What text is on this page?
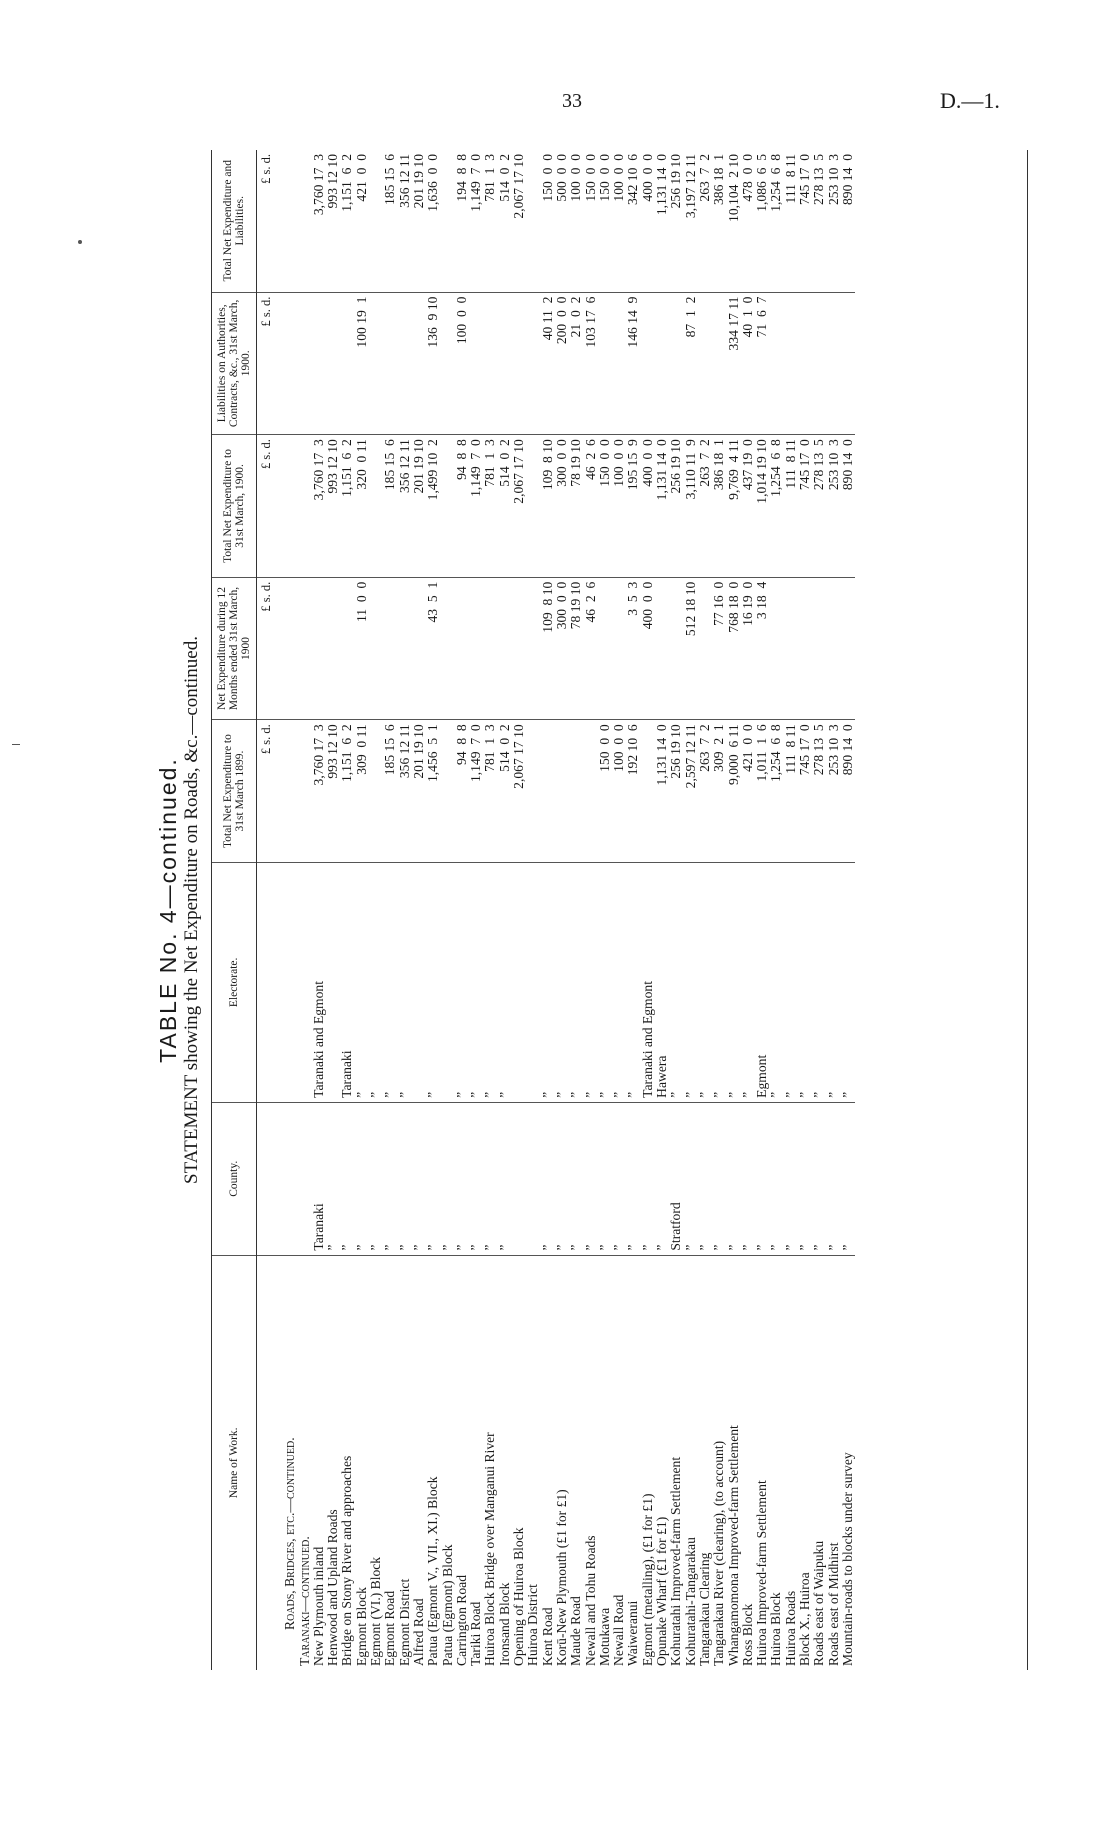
33	D.—1.
TABLE No. 4—continued. STATEMENT showing the Net Expenditure on Roads, &c.—continued.
Name of Work.	County.	Electorate.	Total Net Expenditure to 31st March 1899.	Net Expenditure during 12 Months ended 31st March, 1900	Total Net Expenditure to 31st March, 1900.	Liabilities on Authorities, Contracts, &c., 31st March, 1900.	Total Net Expenditure and Liabilities.
			£ s. d.	£ s. d.	£ s. d.	£ s. d.	£ s. d.
Roads, Bridges, etc.—continued.							
Taranaki—continued.							
New Plymouth inland	Taranaki	Taranaki and Egmont	3,760 17  3		3,760 17  3		3,760 17  3
Henwood and Upland Roads	”		993 12 10		993 12 10		993 12 10
Bridge on Stony River and approaches	”	Taranaki	1,151  6  2		1,151  6  2		1,151  6  2
Egmont Block	”	”	309  0 11	11  0  0	320  0 11	100 19  1	421  0  0
Egmont (VI.) Block	”	”					
Egmont Road	”	”	185 15  6		185 15  6		185 15  6
Egmont District	”	”	356 12 11		356 12 11		356 12 11
Alfred Road	”		201 19 10		201 19 10		201 19 10
Patua (Egmont V., VII., XI.) Block	”	”	1,456  5  1	43  5  1	1,499 10  2	136  9 10	1,636  0  0
Patua (Egmont) Block	”						
Carrington Road	”	”	94  8  8		94  8  8	100  0  0	194  8  8
Tariki Road	”	”	1,149  7  0		1,149  7  0		1,149  7  0
Huiroa Block Bridge over Manganui River	”	”	781  1  3		781  1  3		781  1  3
Ironsand Block	”	”	514  0  2		514  0  2		514  0  2
Opening of Huiroa Block			2,067 17 10		2,067 17 10		2,067 17 10
Huiroa District							
Kent Road	”	”		109  8 10	109  8 10	40 11  2	150  0  0
Korū-New Plymouth (£1 for £1)	”	”		300  0  0	300  0  0	200  0  0	500  0  0
Maude Road	”	”		78 19 10	78 19 10	21  0  2	100  0  0
Newall and Tohu Roads	”	”		46  2  6	46  2  6	103 17  6	150  0  0
Motukawa	”	”	150  0  0		150  0  0		150  0  0
Newall Road	”	”	100  0  0		100  0  0		100  0  0
Waiweranui	”	”	192 10  6	3  5  3	195 15  9	146 14  9	342 10  6
Egmont (metalling), (£1 for £1)	”	Taranaki and Egmont		400  0  0	400  0  0		400  0  0
Opunake Wharf (£1 for £1)	”	Hawera	1,131 14  0		1,131 14  0		1,131 14  0
Kohuratahi Improved-farm Settlement	Stratford	”	256 19 10		256 19 10		256 19 10
Kohuratahi-Tangarakau	”	”	2,597 12 11	512 18 10	3,110 11  9	87  1  2	3,197 12 11
Tangarakau Clearing	”	”	263  7  2		263  7  2		263  7  2
Tangarakau River (clearing), (to account)	”	”	309  2  1	77 16  0	386 18  1		386 18  1
Whangamomona Improved-farm Settlement	”	”	9,000  6 11	768 18  0	9,769  4 11	334 17 11	10,104  2 10
Ross Block	”	”	421  0  0	16 19  0	437 19  0	40  1  0	478  0  0
Huiroa Improved-farm Settlement	”	Egmont	1,011  1  6	3 18  4	1,014 19 10	71  6  7	1,086  6  5
Huiroa Block	”	”	1,254  6  8		1,254  6  8		1,254  6  8
Huiroa Roads	”	”	111  8 11		111  8 11		111  8 11
Block X., Huiroa	”	”	745 17  0		745 17  0		745 17  0
Roads east of Waipuku	”	”	278 13  5		278 13  5		278 13  5
Roads east of Midhirst	”	”	253 10  3		253 10  3		253 10  3
Mountain-roads to blocks under survey	”	”	890 14  0		890 14  0		890 14  0
